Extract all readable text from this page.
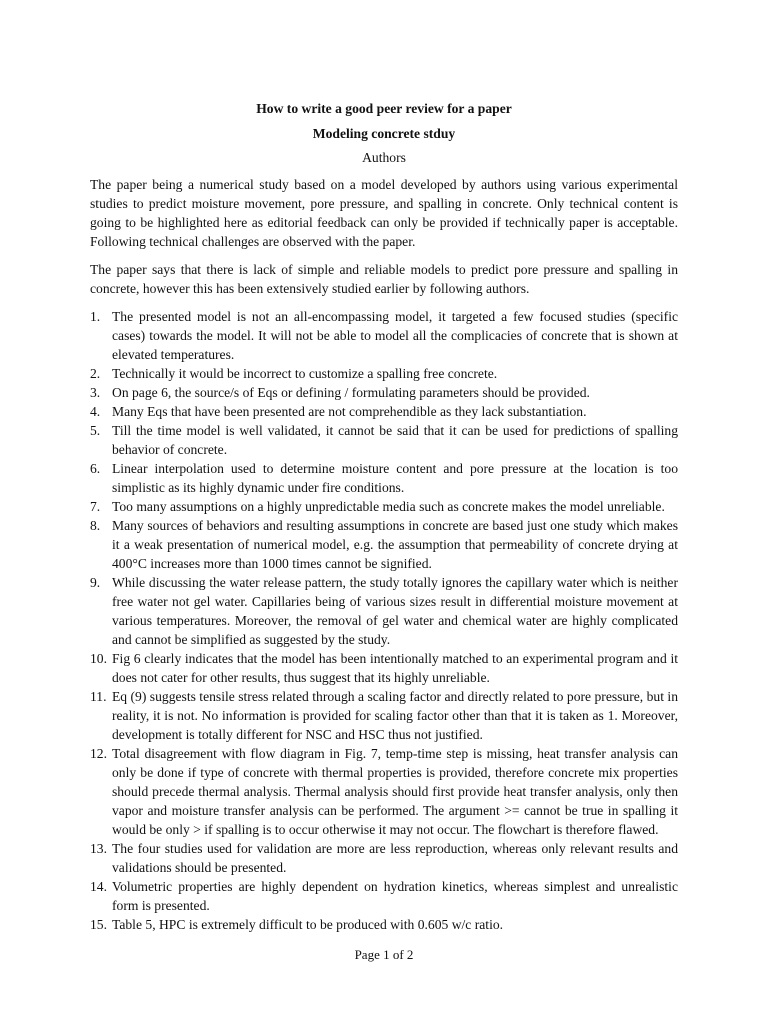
How to write a good peer review for a paper
Modeling concrete stduy
Authors

The paper being a numerical study based on a model developed by authors using various experimental studies to predict moisture movement, pore pressure, and spalling in concrete. Only technical content is going to be highlighted here as editorial feedback can only be provided if technically paper is acceptable. Following technical challenges are observed with the paper.

The paper says that there is lack of simple and reliable models to predict pore pressure and spalling in concrete, however this has been extensively studied earlier by following authors.

1. The presented model is not an all-encompassing model, it targeted a few focused studies (specific cases) towards the model. It will not be able to model all the complicacies of concrete that is shown at elevated temperatures.
2. Technically it would be incorrect to customize a spalling free concrete.
3. On page 6, the source/s of Eqs or defining / formulating parameters should be provided.
4. Many Eqs that have been presented are not comprehendible as they lack substantiation.
5. Till the time model is well validated, it cannot be said that it can be used for predictions of spalling behavior of concrete.
6. Linear interpolation used to determine moisture content and pore pressure at the location is too simplistic as its highly dynamic under fire conditions.
7. Too many assumptions on a highly unpredictable media such as concrete makes the model unreliable.
8. Many sources of behaviors and resulting assumptions in concrete are based just one study which makes it a weak presentation of numerical model, e.g. the assumption that permeability of concrete drying at 400°C increases more than 1000 times cannot be signified.
9. While discussing the water release pattern, the study totally ignores the capillary water which is neither free water not gel water. Capillaries being of various sizes result in differential moisture movement at various temperatures. Moreover, the removal of gel water and chemical water are highly complicated and cannot be simplified as suggested by the study.
10. Fig 6 clearly indicates that the model has been intentionally matched to an experimental program and it does not cater for other results, thus suggest that its highly unreliable.
11. Eq (9) suggests tensile stress related through a scaling factor and directly related to pore pressure, but in reality, it is not. No information is provided for scaling factor other than that it is taken as 1. Moreover, development is totally different for NSC and HSC thus not justified.
12. Total disagreement with flow diagram in Fig. 7, temp-time step is missing, heat transfer analysis can only be done if type of concrete with thermal properties is provided, therefore concrete mix properties should precede thermal analysis. Thermal analysis should first provide heat transfer analysis, only then vapor and moisture transfer analysis can be performed. The argument >= cannot be true in spalling it would be only > if spalling is to occur otherwise it may not occur. The flowchart is therefore flawed.
13. The four studies used for validation are more are less reproduction, whereas only relevant results and validations should be presented.
14. Volumetric properties are highly dependent on hydration kinetics, whereas simplest and unrealistic form is presented.
15. Table 5, HPC is extremely difficult to be produced with 0.605 w/c ratio.
Page 1 of 2
